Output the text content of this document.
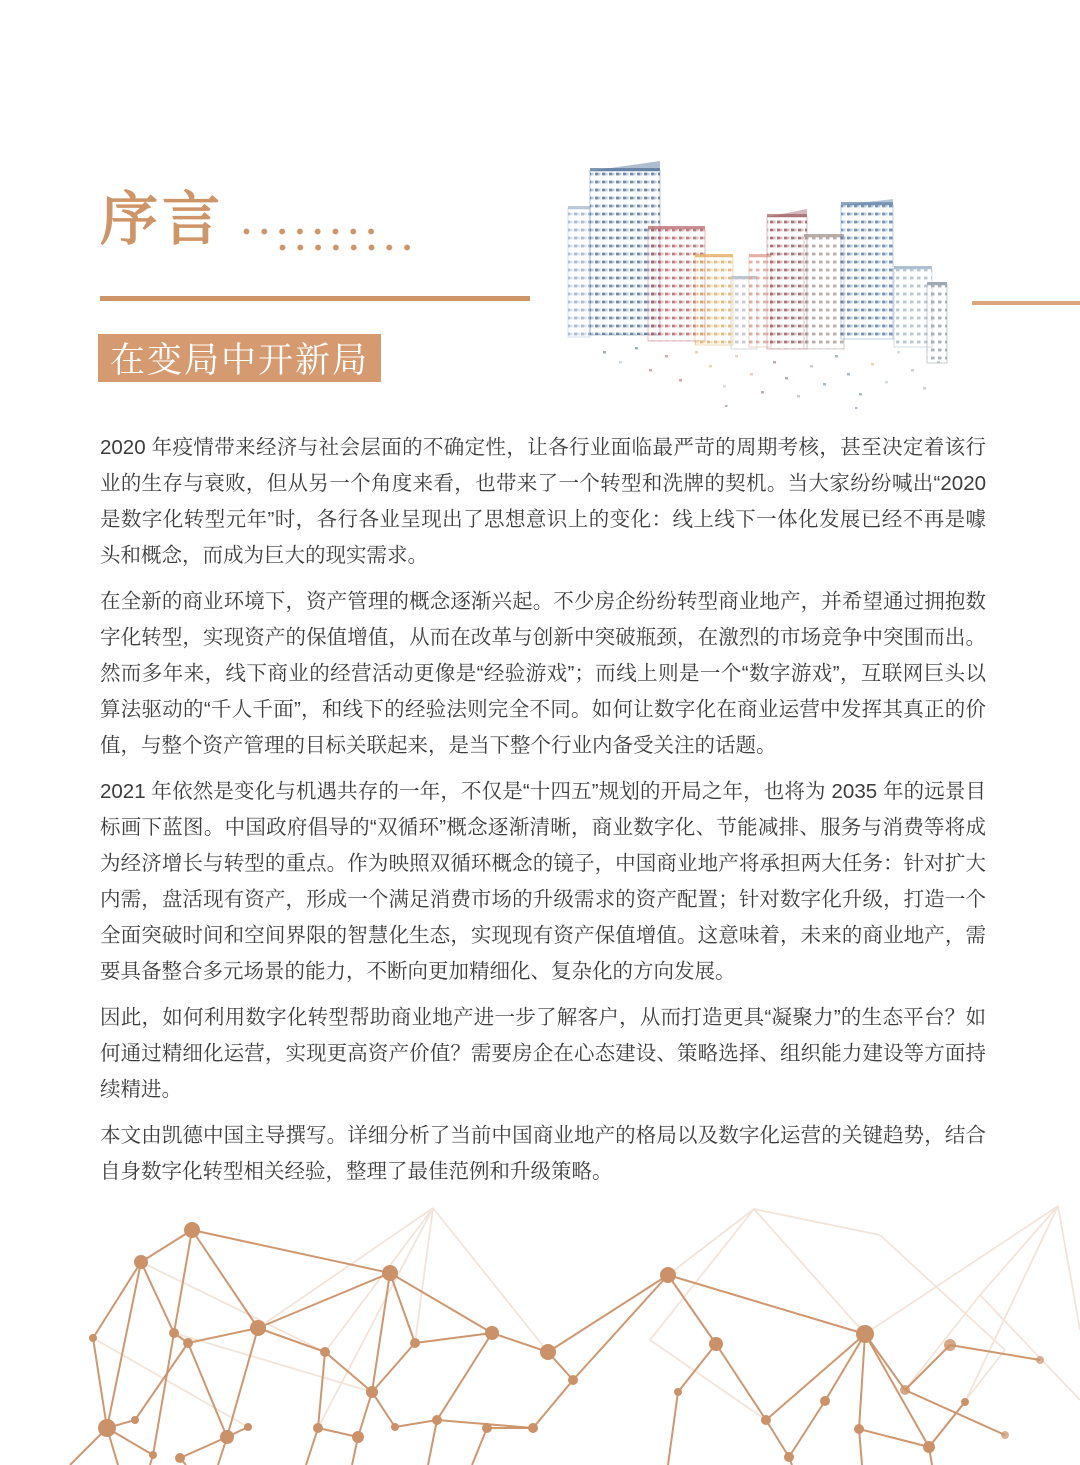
序言
在变局中开新局

2020 年疫情带来经济与社会层面的不确定性，让各行业面临最严苛的周期考核，甚至决定着该行业的生存与衰败，但从另一个角度来看，也带来了一个转型和洗牌的契机。当大家纷纷喊出“2020 是数字化转型元年”时，各行各业呈现出了思想意识上的变化：线上线下一体化发展已经不再是噱头和概念，而成为巨大的现实需求。

在全新的商业环境下，资产管理的概念逐渐兴起。不少房企纷纷转型商业地产，并希望通过拥抱数字化转型，实现资产的保值增值，从而在改革与创新中突破瓶颈，在激烈的市场竞争中突围而出。然而多年来，线下商业的经营活动更像是“经验游戏”；而线上则是一个“数字游戏”，互联网巨头以算法驱动的“千人千面”，和线下的经验法则完全不同。如何让数字化在商业运营中发挥其真正的价值，与整个资产管理的目标关联起来，是当下整个行业内备受关注的话题。

2021 年依然是变化与机遇共存的一年，不仅是“十四五”规划的开局之年，也将为 2035 年的远景目标画下蓝图。中国政府倡导的“双循环”概念逐渐清晰，商业数字化、节能减排、服务与消费等将成为经济增长与转型的重点。作为映照双循环概念的镜子，中国商业地产将承担两大任务：针对扩大内需，盘活现有资产，形成一个满足消费市场的升级需求的资产配置；针对数字化升级，打造一个全面突破时间和空间界限的智慧化生态，实现现有资产保值增值。这意味着，未来的商业地产，需要具备整合多元场景的能力，不断向更加精细化、复杂化的方向发展。

因此，如何利用数字化转型帮助商业地产进一步了解客户，从而打造更具“凝聚力”的生态平台？如何通过精细化运营，实现更高资产价值？需要房企在心态建设、策略选择、组织能力建设等方面持续精进。

本文由凯德中国主导撰写。详细分析了当前中国商业地产的格局以及数字化运营的关键趋势，结合自身数字化转型相关经验，整理了最佳范例和升级策略。
